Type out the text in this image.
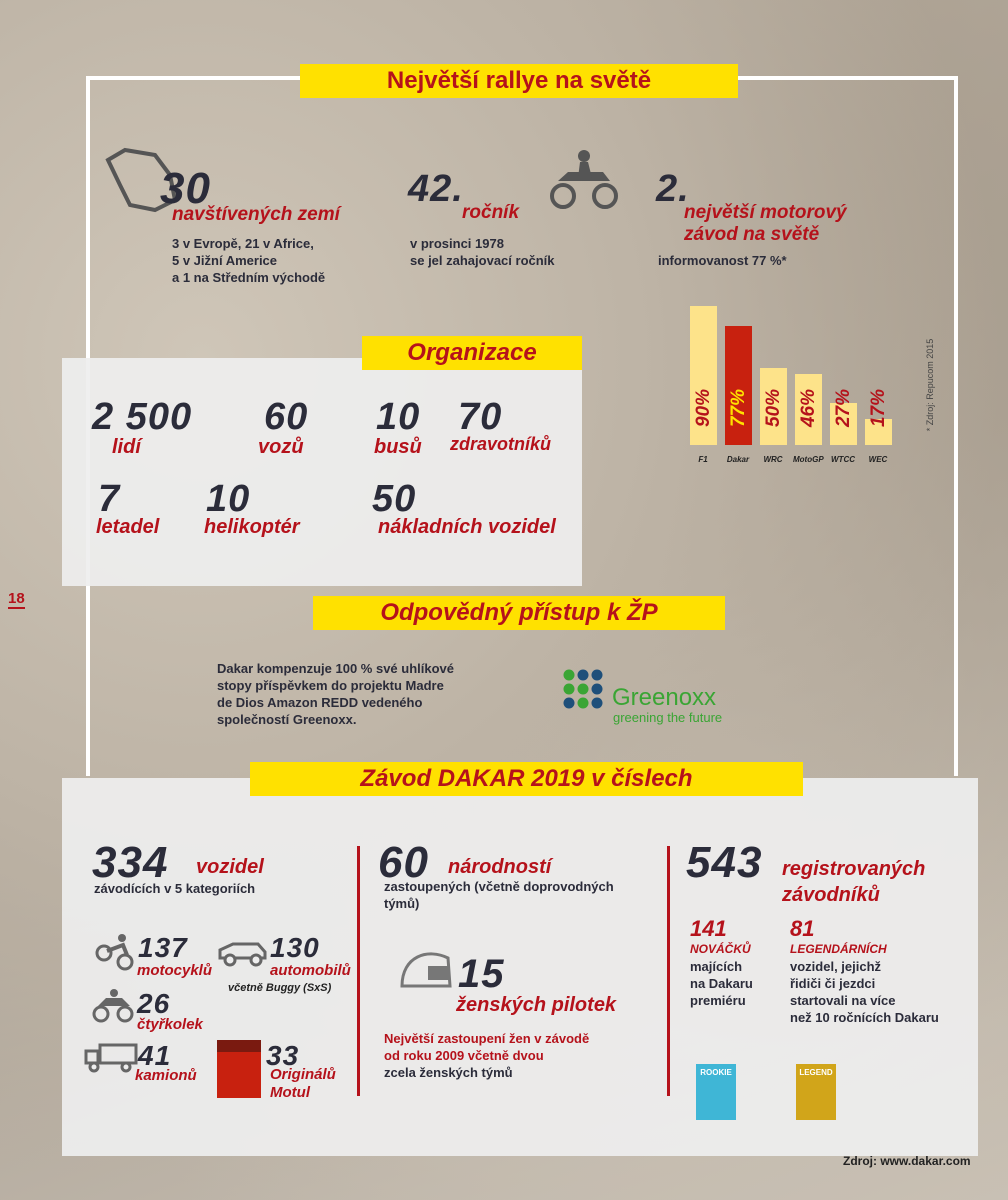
Největší rallye na světě
30
navštívených zemí
3 v Evropě, 21 v Africe,
5 v Jižní Americe
a 1 na Středním východě
42.
ročník
v prosinci 1978
se jel zahajovací ročník
2.
největší motorový závod na světě
informovanost 77 %*
90% 77% 50% 46% 27% 17%
F1	Dakar	WRC	MotoGP WTCC	WEC
* Zdroj: Repucom 2015
Organizace
2 500
lidí
60
vozů
10
busů
70
zdravotníků
7
letadel
10
helikoptér
50
nákladních vozidel
18
Odpovědný přístup k ŽP
Dakar kompenzuje 100 % své uhlíkové
stopy příspěvkem do projektu Madre
de Dios Amazon REDD vedeného
společností Greenoxx.
Greenoxx
greening the future
Závod DAKAR 2019 v číslech
334 vozidel
závodících v 5 kategoriích
137
motocyklů
130
automobilů
včetně Buggy (SxS)
26
čtyřkolek
41
kamionů
33
Originálů Motul
60 národností
zastoupených (včetně doprovodných
týmů)
15
ženských pilotek
Největší zastoupení žen v závodě
od roku 2009 včetně dvou
zcela ženských týmů
543 registrovaných závodníků
141
NOVÁČKŮ
majících
na Dakaru
premiéru
81
LEGENDÁRNÍCH
vozidel, jejichž
řidiči či jezdci
startovali na více
než 10 ročnících Dakaru
ROOKIE	LEGEND
Zdroj: www.dakar.com
